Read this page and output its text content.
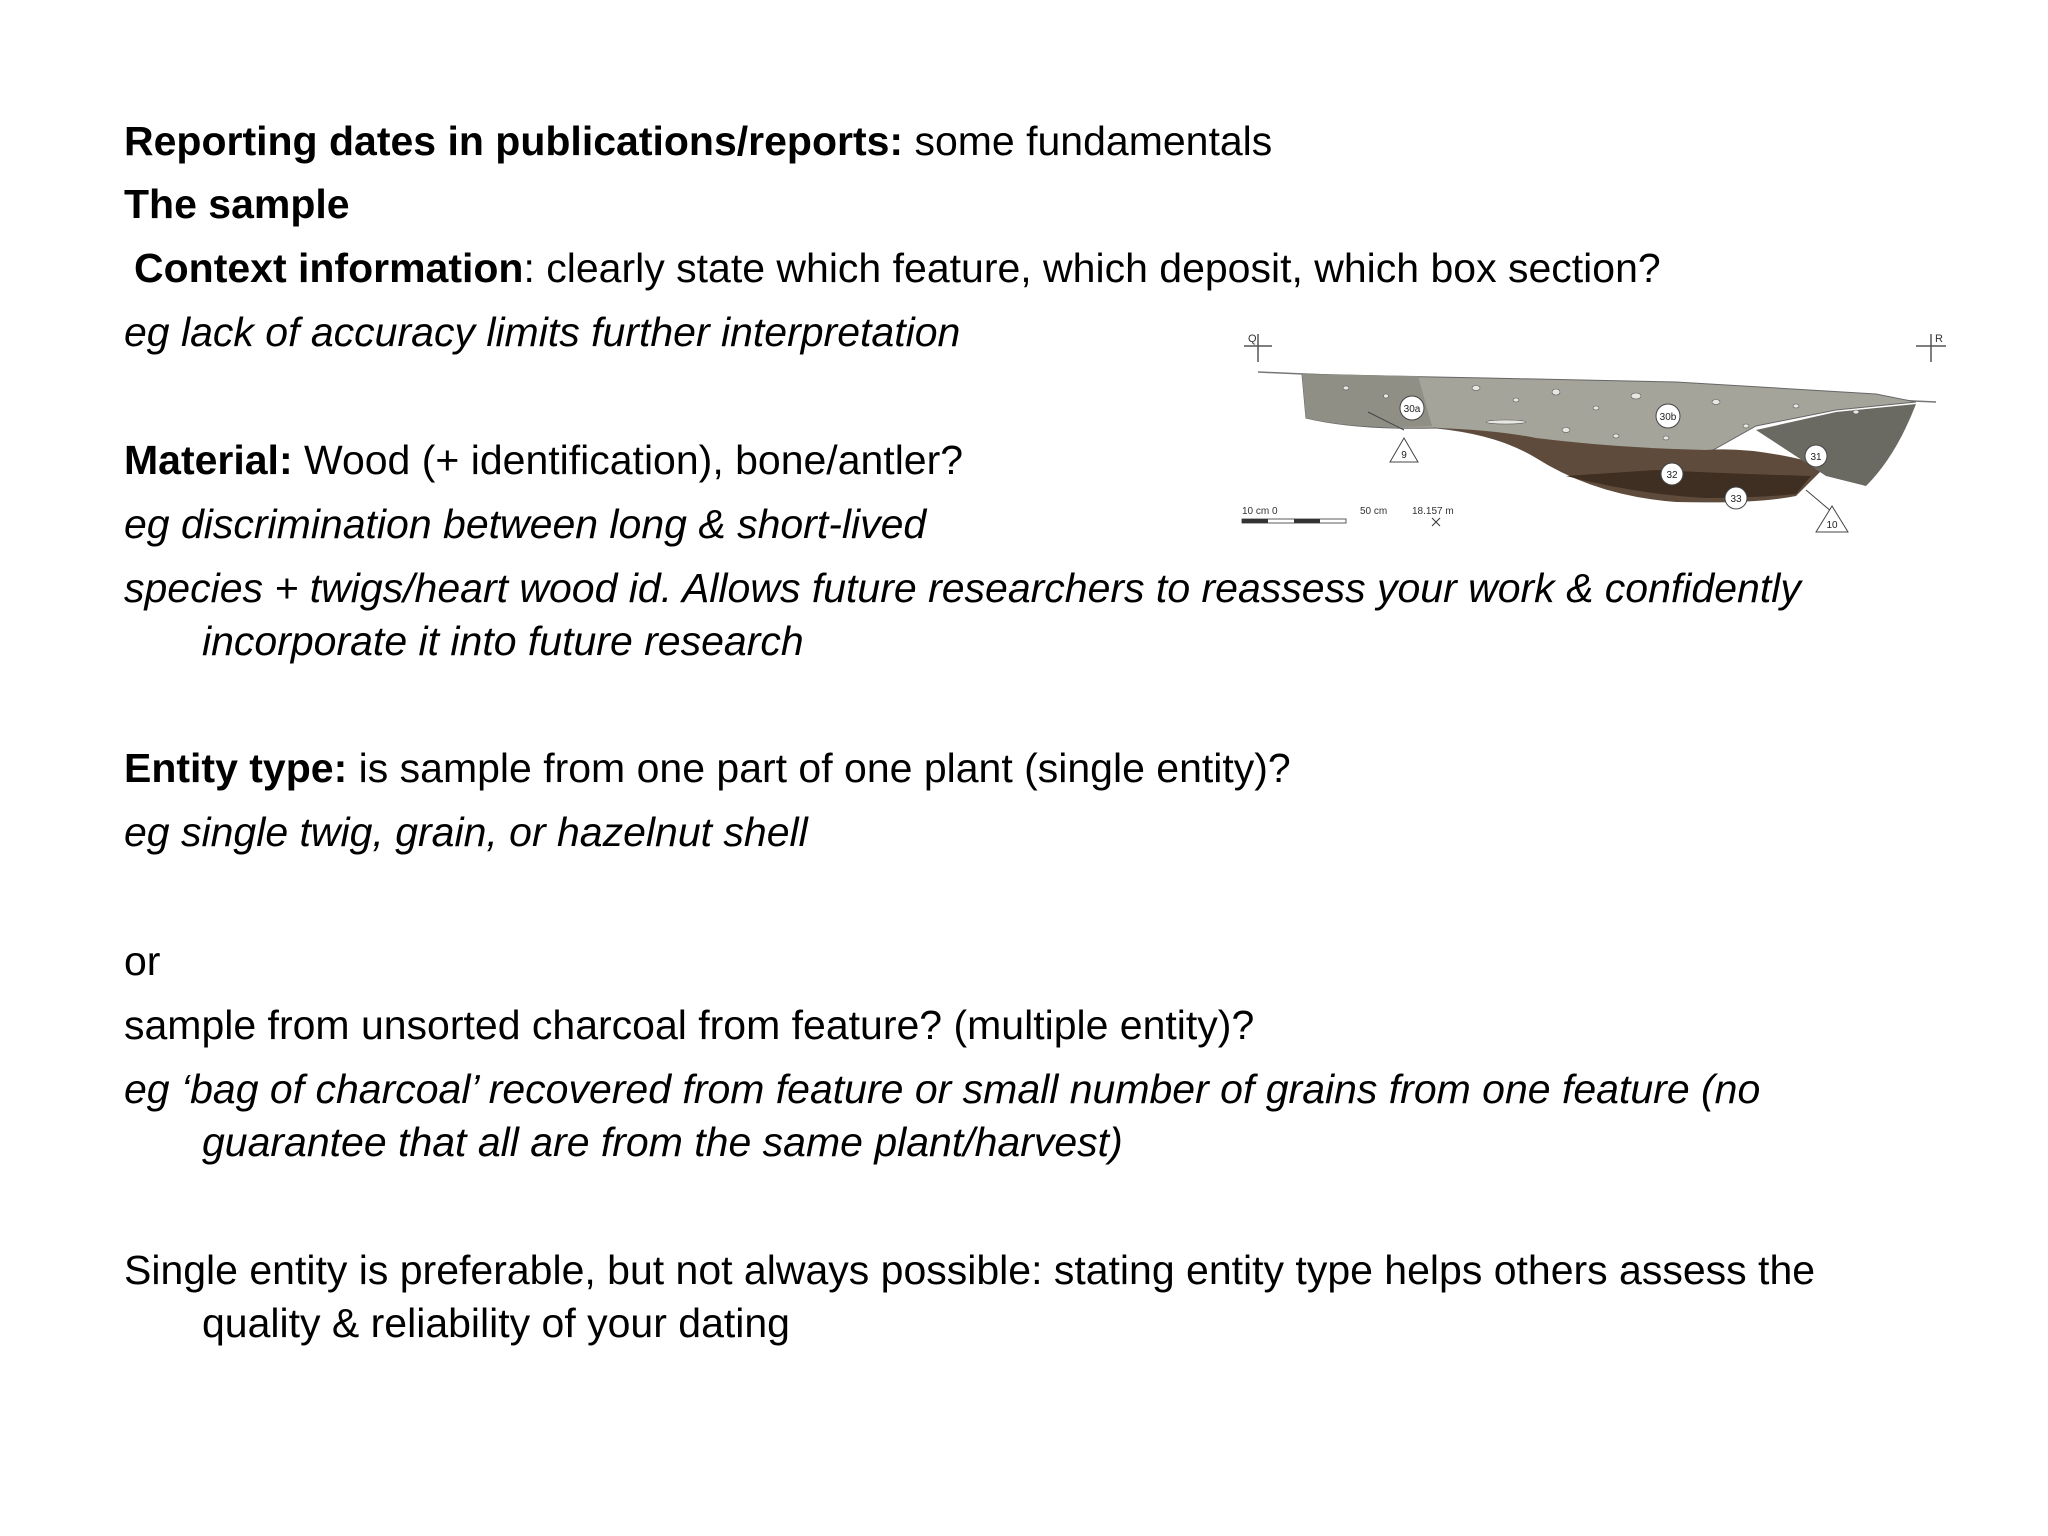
Reporting dates in publications/reports: some fundamentals
The sample
Context information: clearly state which feature, which deposit, which box section?
eg lack of accuracy limits further interpretation
Material: Wood (+ identification), bone/antler?
eg discrimination between long & short-lived
species + twigs/heart wood id. Allows future researchers to reassess your work & confidently
incorporate it into future research
Entity type: is sample from one part of one plant (single entity)?
eg single twig, grain, or hazelnut shell
or
sample from unsorted charcoal from feature? (multiple entity)?
eg ‘bag of charcoal’ recovered from feature or small number of grains from one feature (no
guarantee that all are from the same plant/harvest)
Single entity is preferable, but not always possible: stating entity type helps others assess the
quality & reliability of your dating
Q	R
30a
30b
31
32
33
9
10
10 cm 0	50 cm 18.157 m
